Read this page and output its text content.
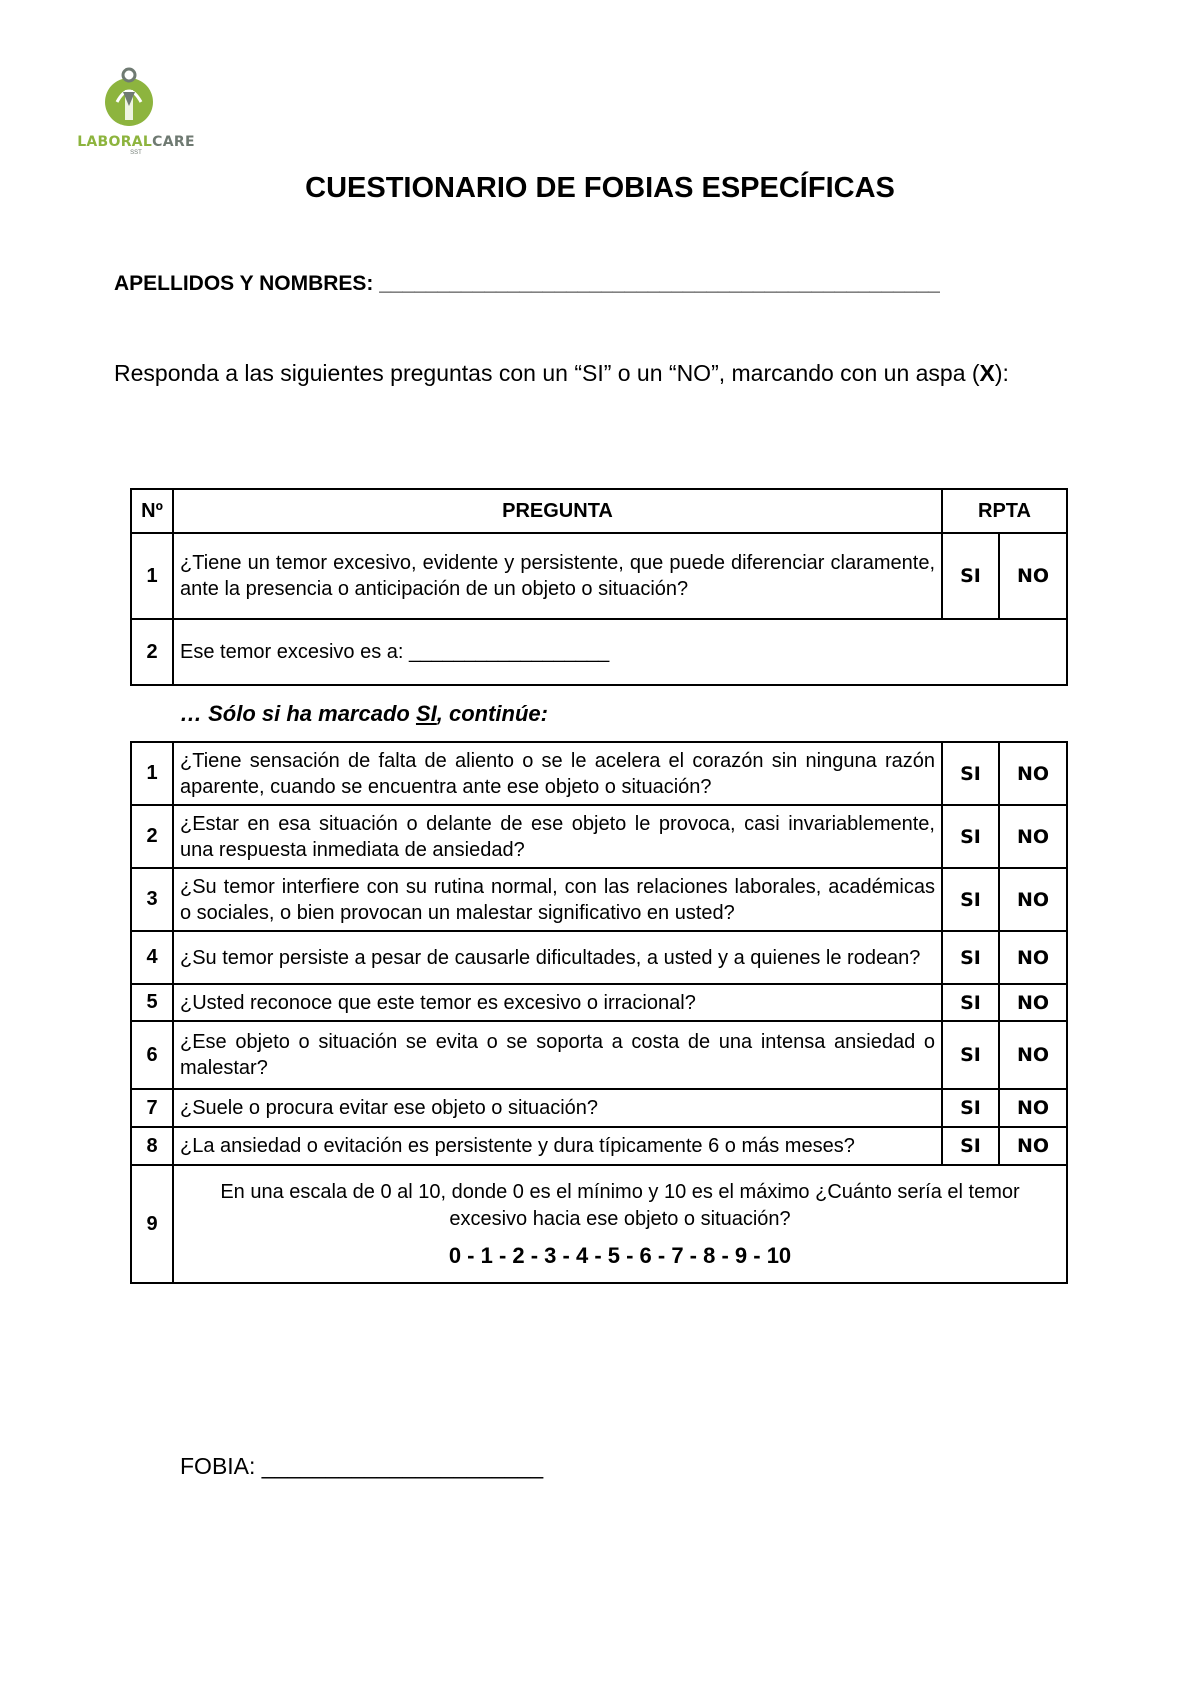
LABORALCARE
SST
CUESTIONARIO DE FOBIAS ESPECÍFICAS
APELLIDOS Y NOMBRES: ________________________________________________
Responda a las siguientes preguntas con un “SI” o un “NO”, marcando con un aspa (X):
Nº	PREGUNTA	RPTA	
1	¿Tiene un temor excesivo, evidente y persistente, que puede diferenciar claramente, ante la presencia o anticipación de un objeto o situación?	SI	NO
2	Ese temor excesivo es a: __________________		
… Sólo si ha marcado SI, continúe:
1	¿Tiene sensación de falta de aliento o se le acelera el corazón sin ninguna razón aparente, cuando se encuentra ante ese objeto o situación?	SI	NO
2	¿Estar en esa situación o delante de ese objeto le provoca, casi invariablemente, una respuesta inmediata de ansiedad?	SI	NO
3	¿Su temor interfiere con su rutina normal, con las relaciones laborales, académicas o sociales, o bien provocan un malestar significativo en usted?	SI	NO
4	¿Su temor persiste a pesar de causarle dificultades, a usted y a quienes le rodean?	SI	NO
5	¿Usted reconoce que este temor es excesivo o irracional?	SI	NO
6	¿Ese objeto o situación se evita o se soporta a costa de una intensa ansiedad o malestar?	SI	NO
7	¿Suele o procura evitar ese objeto o situación?	SI	NO
8	¿La ansiedad o evitación es persistente y dura típicamente 6 o más meses?	SI	NO
9	En una escala de 0 al 10, donde 0 es el mínimo y 10 es el máximo ¿Cuánto sería el temor excesivo hacia ese objeto o situación?
0 - 1 - 2 - 3 - 4 - 5 - 6 - 7 - 8 - 9 - 10		
FOBIA: ______________________
